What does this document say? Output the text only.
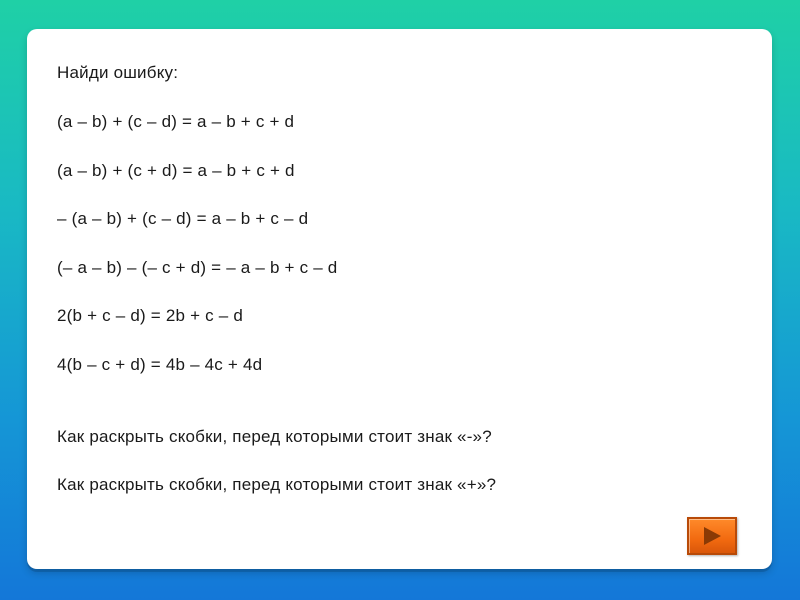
Найди ошибку:

(a – b) + (c – d) = a – b + c + d

(a – b) + (c + d) = a – b + c + d

– (a – b) + (c – d) = a – b + c – d

(– a – b) – (– c + d) = – a – b + c – d

2(b + c – d) = 2b + c – d

4(b – c + d) = 4b – 4c + 4d

Как раскрыть скобки, перед которыми стоит знак «-»?

Как раскрыть скобки, перед которыми стоит знак «+»?
